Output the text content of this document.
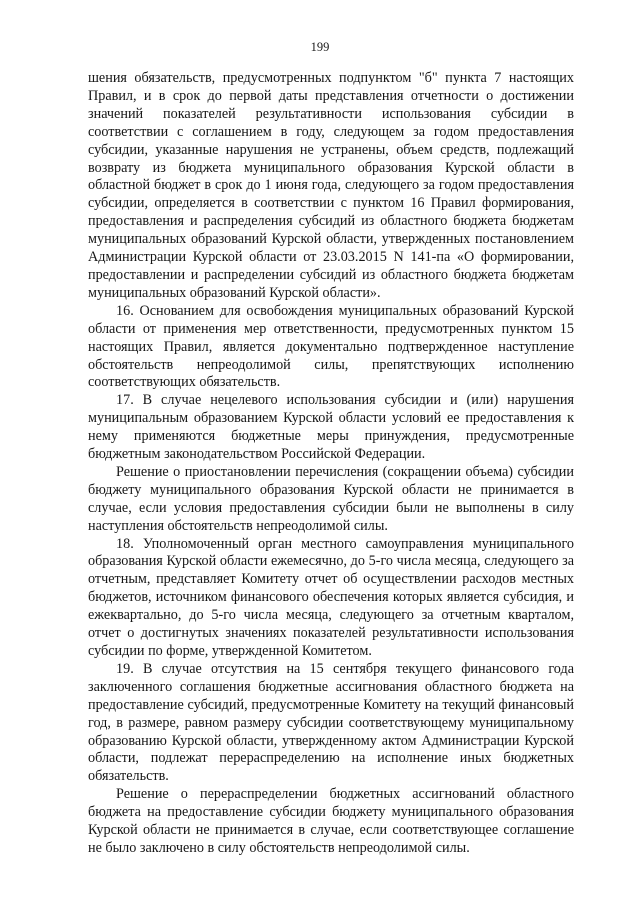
199

шения обязательств, предусмотренных подпунктом "б" пункта 7 настоящих Правил, и в срок до первой даты представления отчетности о достижении значений показателей результативности использования субсидии в соответствии с соглашением в году, следующем за годом предоставления субсидии, указанные нарушения не устранены, объем средств, подлежащий возврату из бюджета муниципального образования Курской области в областной бюджет в срок до 1 июня года, следующего за годом предоставления субсидии, определяется в соответствии с пунктом 16 Правил формирования, предоставления и распределения субсидий из областного бюджета бюджетам муниципальных образований Курской области, утвержденных постановлением Администрации Курской области от 23.03.2015 N 141-па «О формировании, предоставлении и распределении субсидий из областного бюджета бюджетам муниципальных образований Курской области».

16. Основанием для освобождения муниципальных образований Курской области от применения мер ответственности, предусмотренных пунктом 15 настоящих Правил, является документально подтвержденное наступление обстоятельств непреодолимой силы, препятствующих исполнению соответствующих обязательств.

17. В случае нецелевого использования субсидии и (или) нарушения муниципальным образованием Курской области условий ее предоставления к нему применяются бюджетные меры принуждения, предусмотренные бюджетным законодательством Российской Федерации.

Решение о приостановлении перечисления (сокращении объема) субсидии бюджету муниципального образования Курской области не принимается в случае, если условия предоставления субсидии были не выполнены в силу наступления обстоятельств непреодолимой силы.

18. Уполномоченный орган местного самоуправления муниципального образования Курской области ежемесячно, до 5-го числа месяца, следующего за отчетным, представляет Комитету отчет об осуществлении расходов местных бюджетов, источником финансового обеспечения которых является субсидия, и ежеквартально, до 5-го числа месяца, следующего за отчетным кварталом, отчет о достигнутых значениях показателей результативности использования субсидии по форме, утвержденной Комитетом.

19. В случае отсутствия на 15 сентября текущего финансового года заключенного соглашения бюджетные ассигнования областного бюджета на предоставление субсидий, предусмотренные Комитету на текущий финансовый год, в размере, равном размеру субсидии соответствующему муниципальному образованию Курской области, утвержденному актом Администрации Курской области, подлежат перераспределению на исполнение иных бюджетных обязательств.

Решение о перераспределении бюджетных ассигнований областного бюджета на предоставление субсидии бюджету муниципального образования Курской области не принимается в случае, если соответствующее соглашение не было заключено в силу обстоятельств непреодолимой силы.
